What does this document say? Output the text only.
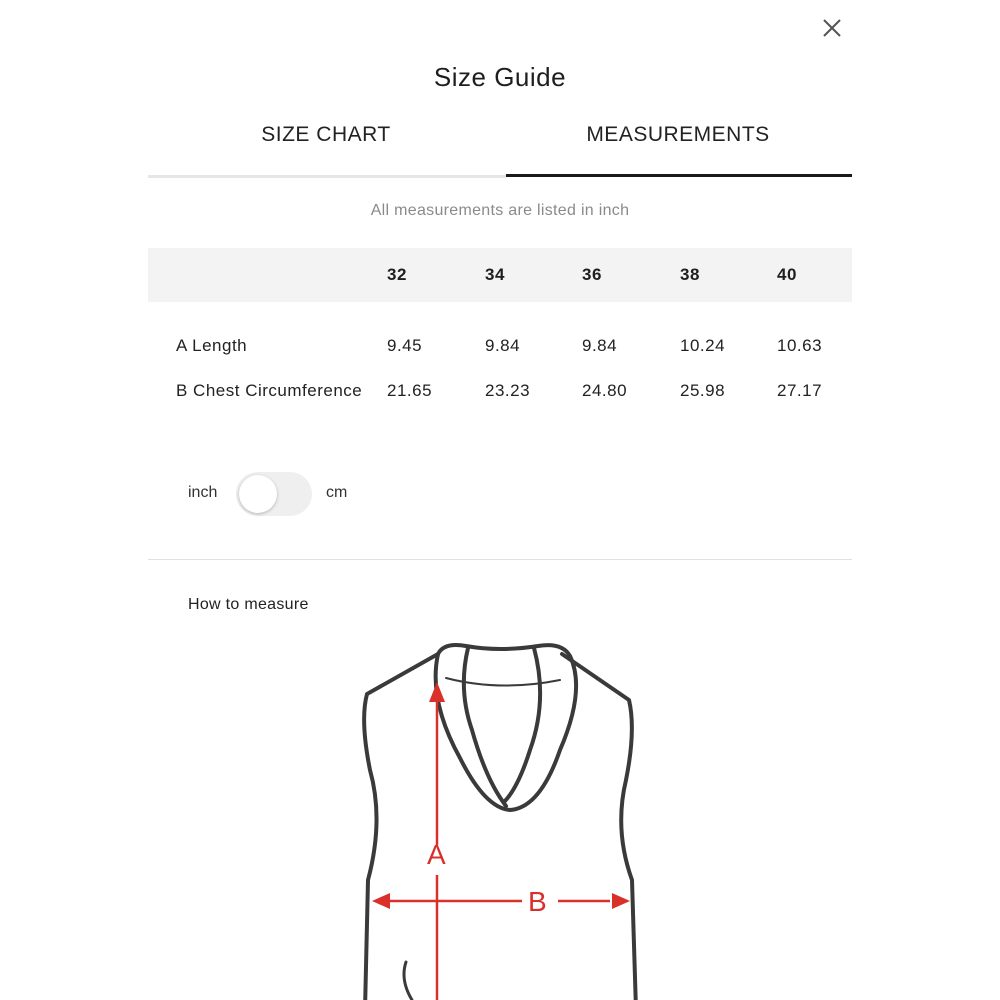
Size Guide
SIZE CHART	MEASUREMENTS
All measurements are listed in inch
32	34	36	38	40
A Length	9.45	9.84	9.84	10.24	10.63
B Chest Circumference 21.65	23.23	24.80	25.98	27.17
inch	cm
How to measure
A
B
